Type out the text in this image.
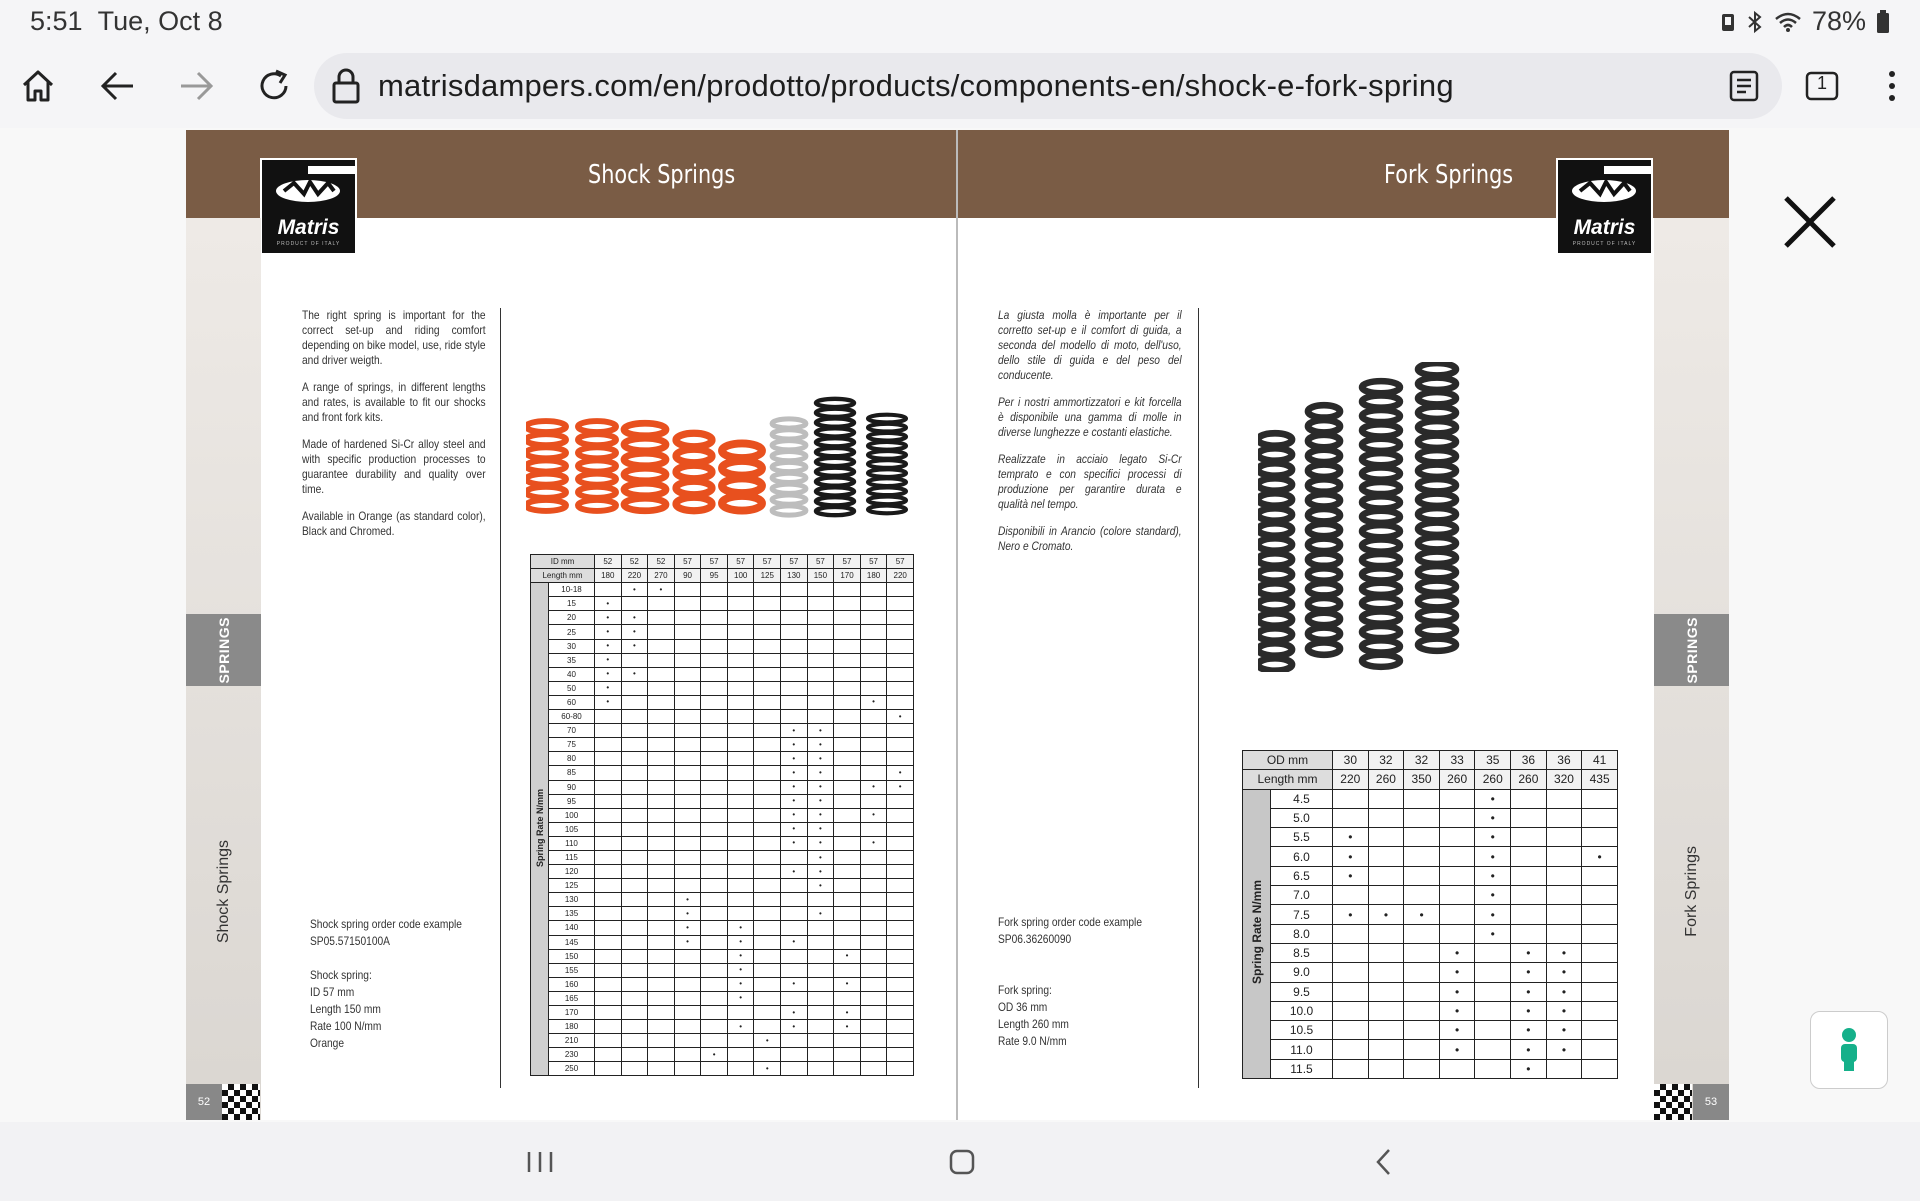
5:51 Tue, Oct 8	78%
matrisdampers.com/en/prodotto/products/components-en/shock-e-fork-spring	1
Matris
PRODUCT OF ITALY
Shock Springs
SPRINGS
Shock Springs
52

The right spring is important for the correct set-up and riding comfort depending on bike model, use, ride style and driver weigth.

A range of springs, in different lengths and rates, is available to fit our shocks and front fork kits.

Made of hardened Si-Cr alloy steel and with specific production processes to guarantee durability and quality over time.

Available in Orange (as standard color), Black and Chromed.

ID mm		52	52	52	57	57	57	57	57	57	57	57	57
Length mm		180	220	270	90	95	100	125	130	150	170	180	220
Spring Rate N/mm	10-18		•	•									
	15	•											
	20	•	•										
	25	•	•										
	30	•	•										
	35	•											
	40	•	•										
	50	•											
	60	•										•	
	60-80												•
	70								•	•			
	75								•	•			
	80								•	•			
	85								•	•			•
	90								•	•		•	•
	95								•	•			
	100								•	•		•	
	105								•	•			
	110								•	•		•	
	115									•			
	120								•	•			
	125									•			
	130				•								
	135				•					•			
	140				•		•						
	145				•		•		•				
	150						•				•		
	155						•						
	160						•		•		•		
	165						•						
	170								•		•		
	180						•		•		•		
	210							•					
	230					•							
	250							•					
Shock spring order code example
SP05.57150100A
Shock spring:
ID 57 mm
Length 150 mm
Rate 100 N/mm
Orange
Matris
PRODUCT OF ITALY
Fork Springs
SPRINGS
Fork Springs
53

La giusta molla è importante per il corretto set-up e il comfort di guida, a seconda del modello di moto, dell'uso, dello stile di guida e del peso del conducente.

Per i nostri ammortizzatori e kit forcella è disponibile una gamma di molle in diverse lunghezze e costanti elastiche.

Realizzate in acciaio legato Si-Cr temprato e con specifici processi di produzione per garantire durata e qualità nel tempo.

Disponibili in Arancio (colore standard), Nero e Cromato.

OD mm		30	32	32	33	35	36	36	41
Length mm		220	260	350	260	260	260	320	435
Spring Rate N/mm	4.5					•			
	5.0					•			
	5.5	•				•			
	6.0	•				•			•
	6.5	•				•			
	7.0					•			
	7.5	•	•	•		•			
	8.0					•			
	8.5				•		•	•	
	9.0				•		•	•	
	9.5				•		•	•	
	10.0				•		•	•	
	10.5				•		•	•	
	11.0				•		•	•	
	11.5						•		
Fork spring order code example
SP06.36260090
Fork spring:
OD 36 mm
Length 260 mm
Rate 9.0 N/mm
